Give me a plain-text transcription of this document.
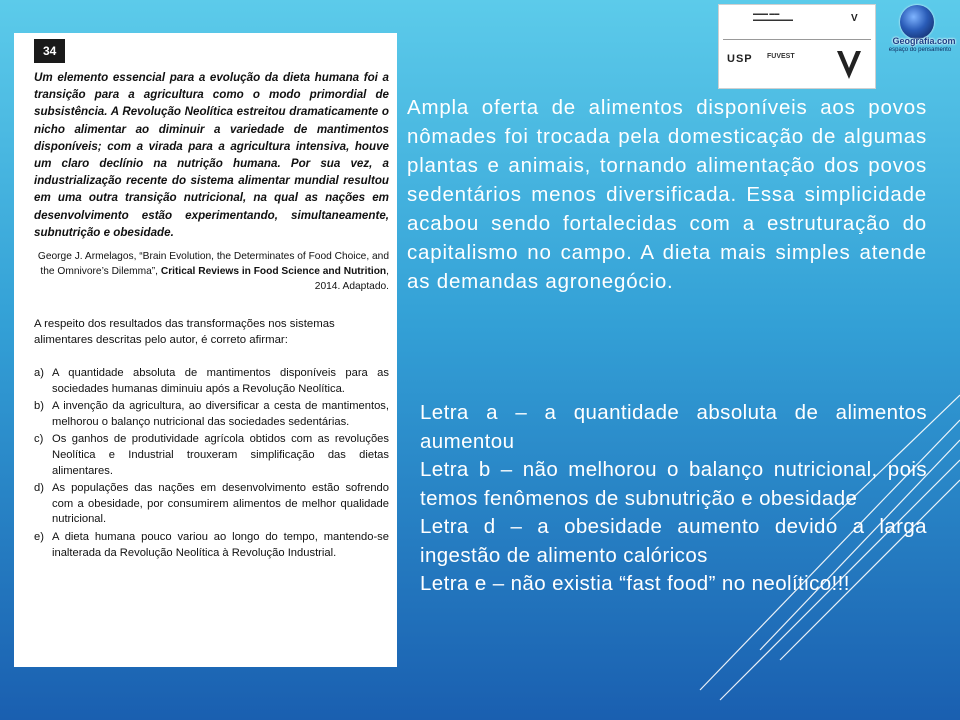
34

Um elemento essencial para a evolução da dieta humana foi a transição para a agricultura como o modo primordial de subsistência. A Revolução Neolítica estreitou dramaticamente o nicho alimentar ao diminuir a variedade de mantimentos disponíveis; com a virada para a agricultura intensiva, houve um claro declínio na nutrição humana. Por sua vez, a industrialização recente do sistema alimentar mundial resultou em uma outra transição nutricional, na qual as nações em desenvolvimento estão experimentando, simultaneamente, subnutrição e obesidade.

George J. Armelagos, “Brain Evolution, the Determinates of Food Choice, and the Omnivore’s Dilemma”, Critical Reviews in Food Science and Nutrition, 2014. Adaptado.

A respeito dos resultados das transformações nos sistemas alimentares descritas pelo autor, é correto afirmar:

a) A quantidade absoluta de mantimentos disponíveis para as sociedades humanas diminuiu após a Revolução Neolítica.
b) A invenção da agricultura, ao diversificar a cesta de mantimentos, melhorou o balanço nutricional das sociedades sedentárias.
c) Os ganhos de produtividade agrícola obtidos com as revoluções Neolítica e Industrial trouxeram simplificação das dietas alimentares.
d) As populações das nações em desenvolvimento estão sofrendo com a obesidade, por consumirem alimentos de melhor qualidade nutricional.
e) A dieta humana pouco variou ao longo do tempo, mantendo-se inalterada da Revolução Neolítica à Revolução Industrial.
▬▬▬ ▬▬
▬▬▬▬▬▬▬▬	V
USP FUVEST
Geografia.com
espaço do pensamento

Ampla oferta de alimentos disponíveis aos povos nômades foi trocada pela domesticação de algumas plantas e animais, tornando alimentação dos povos sedentários menos diversificada. Essa simplicidade acabou sendo fortalecidas com a estruturação do capitalismo no campo. A dieta mais simples atende as demandas agronegócio.

Letra a – a quantidade absoluta de alimentos aumentou
Letra b – não melhorou o balanço nutricional, pois temos fenômenos de subnutrição e obesidade
Letra d – a obesidade aumento devido a larga ingestão de alimento calóricos
Letra e – não existia “fast food” no neolítico!!!
